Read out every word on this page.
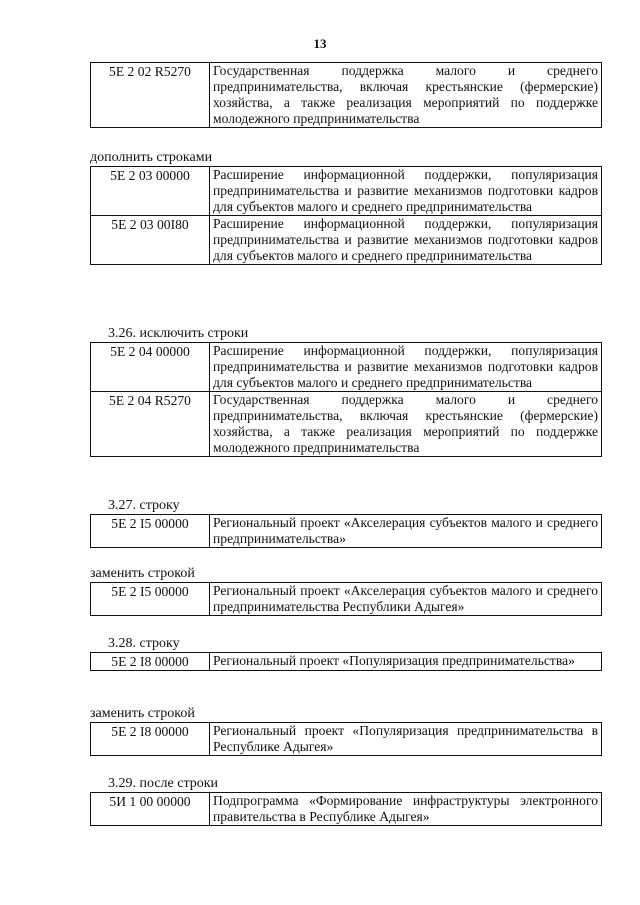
13
5Е 2 02 R5270	Государственная поддержка малого и среднего предпринимательства, включая крестьянские (фермерские) хозяйства, а также реализация мероприятий по поддержке молодежного предпринимательства
дополнить строками
5Е 2 03 00000	Расширение информационной поддержки, популяризация предпринимательства и развитие механизмов подготовки кадров для субъектов малого и среднего предпринимательства
5Е 2 03 00I80	Расширение информационной поддержки, популяризация предпринимательства и развитие механизмов подготовки кадров для субъектов малого и среднего предпринимательства
3.26. исключить строки
5Е 2 04 00000	Расширение информационной поддержки, популяризация предпринимательства и развитие механизмов подготовки кадров для субъектов малого и среднего предпринимательства
5Е 2 04 R5270	Государственная поддержка малого и среднего предпринимательства, включая крестьянские (фермерские) хозяйства, а также реализация мероприятий по поддержке молодежного предпринимательства
3.27. строку
5Е 2 I5 00000	Региональный проект «Акселерация субъектов малого и среднего предпринимательства»
заменить строкой
5Е 2 I5 00000	Региональный проект «Акселерация субъектов малого и среднего предпринимательства Республики Адыгея»
3.28. строку
5Е 2 I8 00000	Региональный проект «Популяризация предпринимательства»
заменить строкой
5Е 2 I8 00000	Региональный проект «Популяризация предпринимательства в Республике Адыгея»
3.29. после строки
5И 1 00 00000	Подпрограмма «Формирование инфраструктуры электронного правительства в Республике Адыгея»
